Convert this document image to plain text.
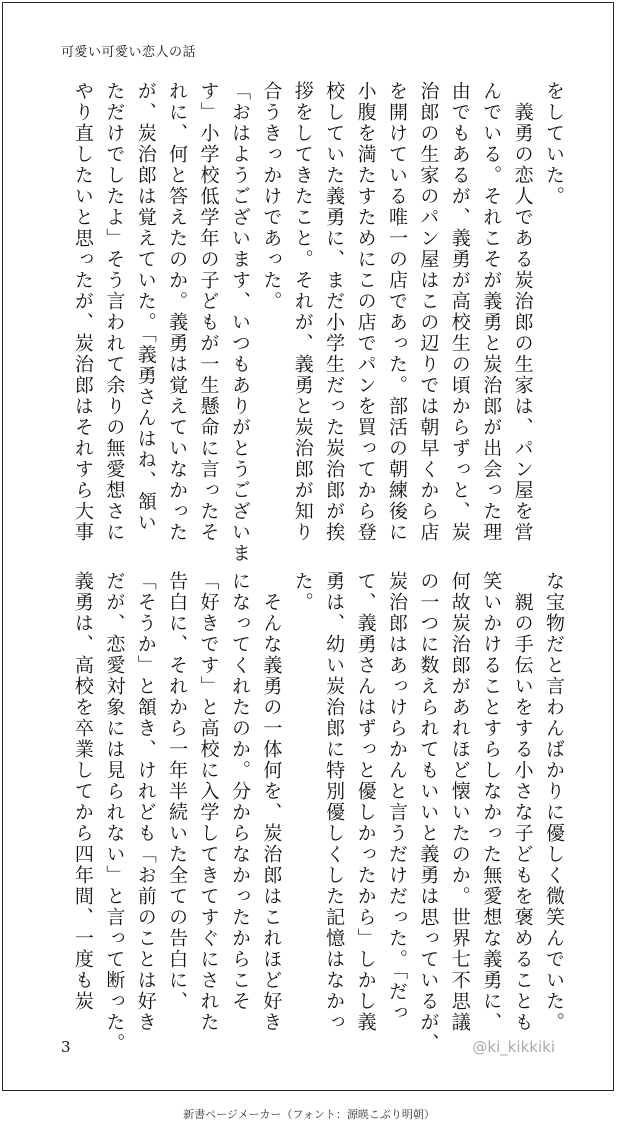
可愛い可愛い恋人の話
をしていた。
　義勇の恋人である炭治郎の生家は、パン屋を営
んでいる。それこそが義勇と炭治郎が出会った理
由でもあるが、義勇が高校生の頃からずっと、炭
治郎の生家のパン屋はこの辺りでは朝早くから店
を開けている唯一の店であった。部活の朝練後に
小腹を満たすためにこの店でパンを買ってから登
校していた義勇に、まだ小学生だった炭治郎が挨
拶をしてきたこと。それが、義勇と炭治郎が知り
合うきっかけであった。
「おはようございます、いつもありがとうございま
す」小学校低学年の子どもが一生懸命に言ったそ
れに、何と答えたのか。義勇は覚えていなかった
が、炭治郎は覚えていた。「義勇さんはね、頷い
ただけでしたよ」そう言われて余りの無愛想さに
やり直したいと思ったが、炭治郎はそれすら大事
な宝物だと言わんばかりに優しく微笑んでいた。
　親の手伝いをする小さな子どもを褒めることも
笑いかけることすらしなかった無愛想な義勇に、
何故炭治郎があれほど懐いたのか。世界七不思議
の一つに数えられてもいいと義勇は思っているが、
炭治郎はあっけらかんと言うだけだった。「だっ
て、義勇さんはずっと優しかったから」しかし義
勇は、幼い炭治郎に特別優しくした記憶はなかっ
た。
　そんな義勇の一体何を、炭治郎はこれほど好き
になってくれたのか。分からなかったからこそ
「好きです」と高校に入学してきてすぐにされた
告白に、それから一年半続いた全ての告白に、
「そうか」と頷き、けれども「お前のことは好き
だが、恋愛対象には見られない」と言って断った。
義勇は、高校を卒業してから四年間、一度も炭
3	@ki_kikkiki
新書ページメーカー（フォント：源暎こぶり明朝）
